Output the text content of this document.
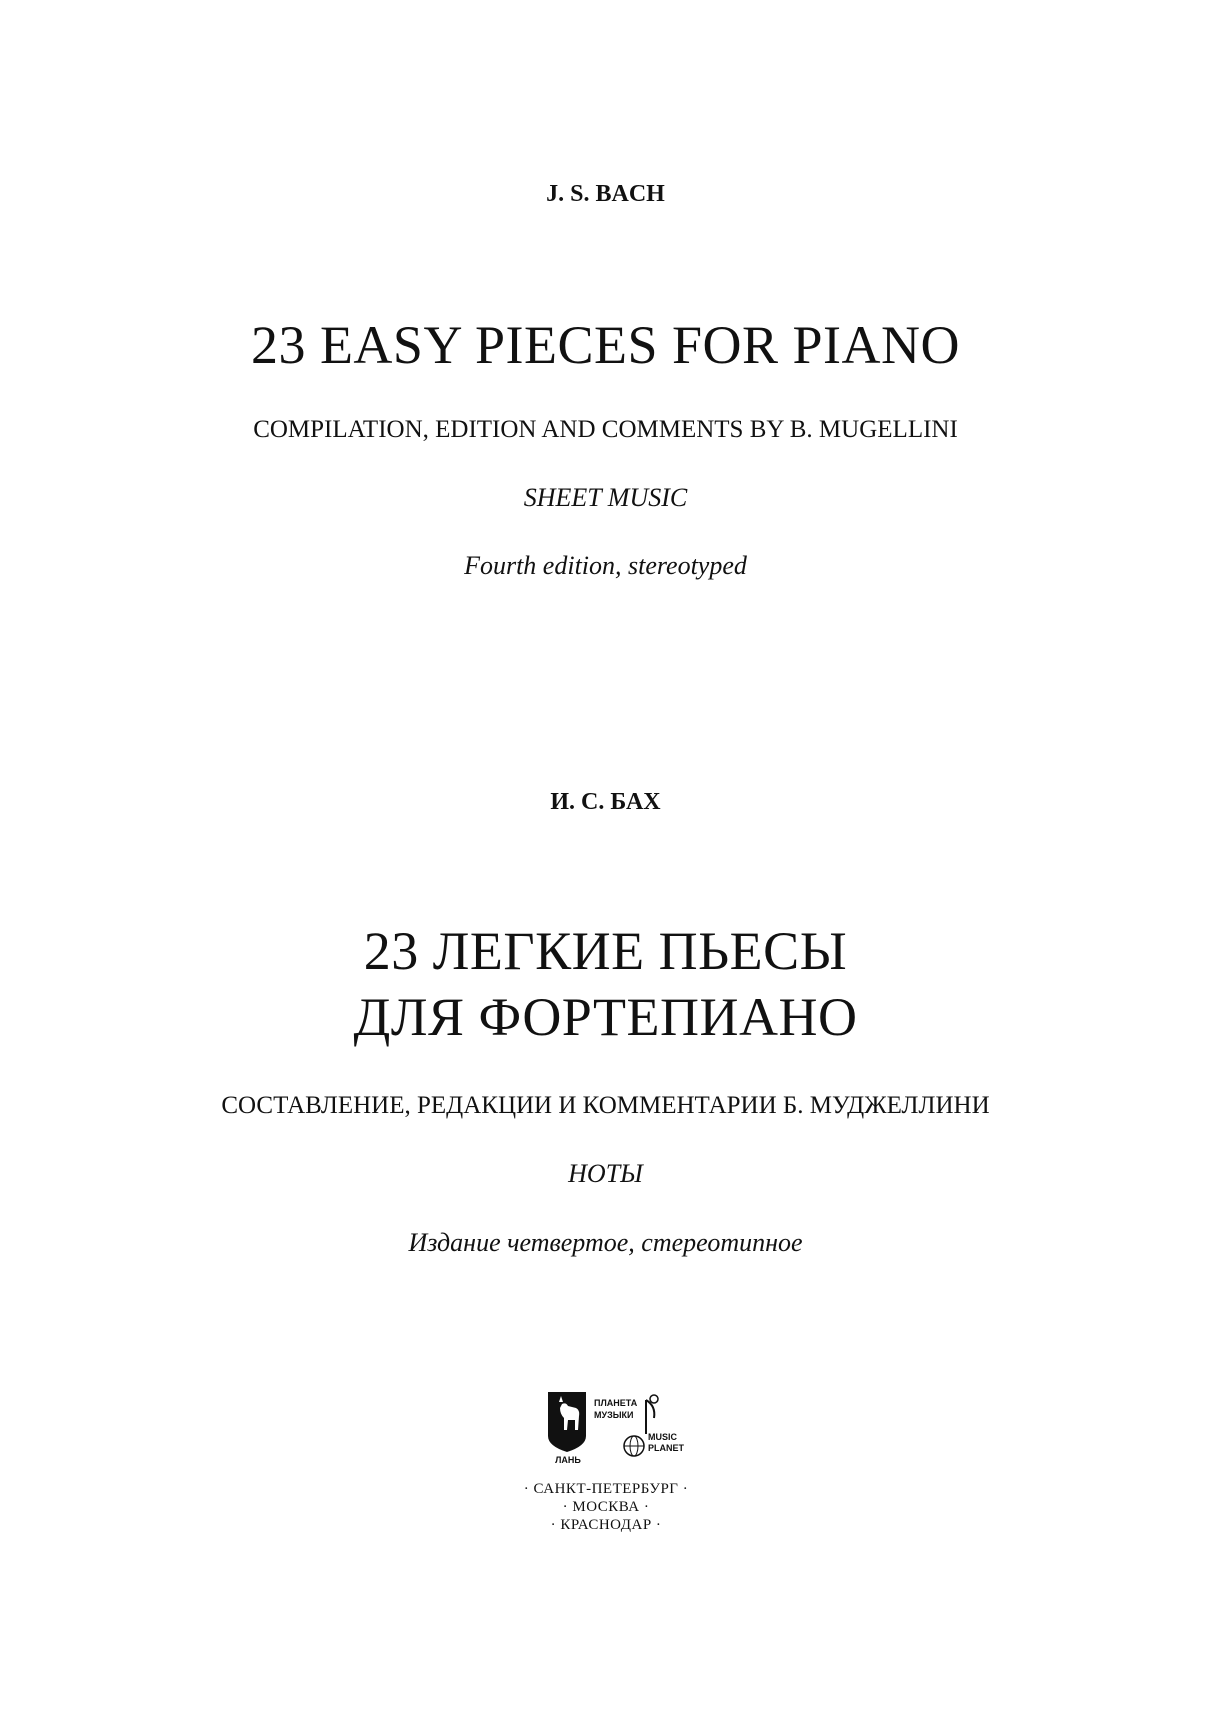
J. S. BACH
23 EASY PIECES FOR PIANO
COMPILATION, EDITION AND COMMENTS BY B. MUGELLINI
SHEET MUSIC
Fourth edition, stereotyped
И. С. БАХ
23 ЛЕГКИЕ ПЬЕСЫ
ДЛЯ ФОРТЕПИАНО
СОСТАВЛЕНИЕ, РЕДАКЦИИ И КОММЕНТАРИИ Б. МУДЖЕЛЛИНИ
НОТЫ
Издание четвертое, стереотипное
ЛАНЬ
ПЛАНЕТА
МУЗЫКИ
MUSIC
PLANET
· САНКТ-ПЕТЕРБУРГ ·
· МОСКВА ·
· КРАСНОДАР ·
